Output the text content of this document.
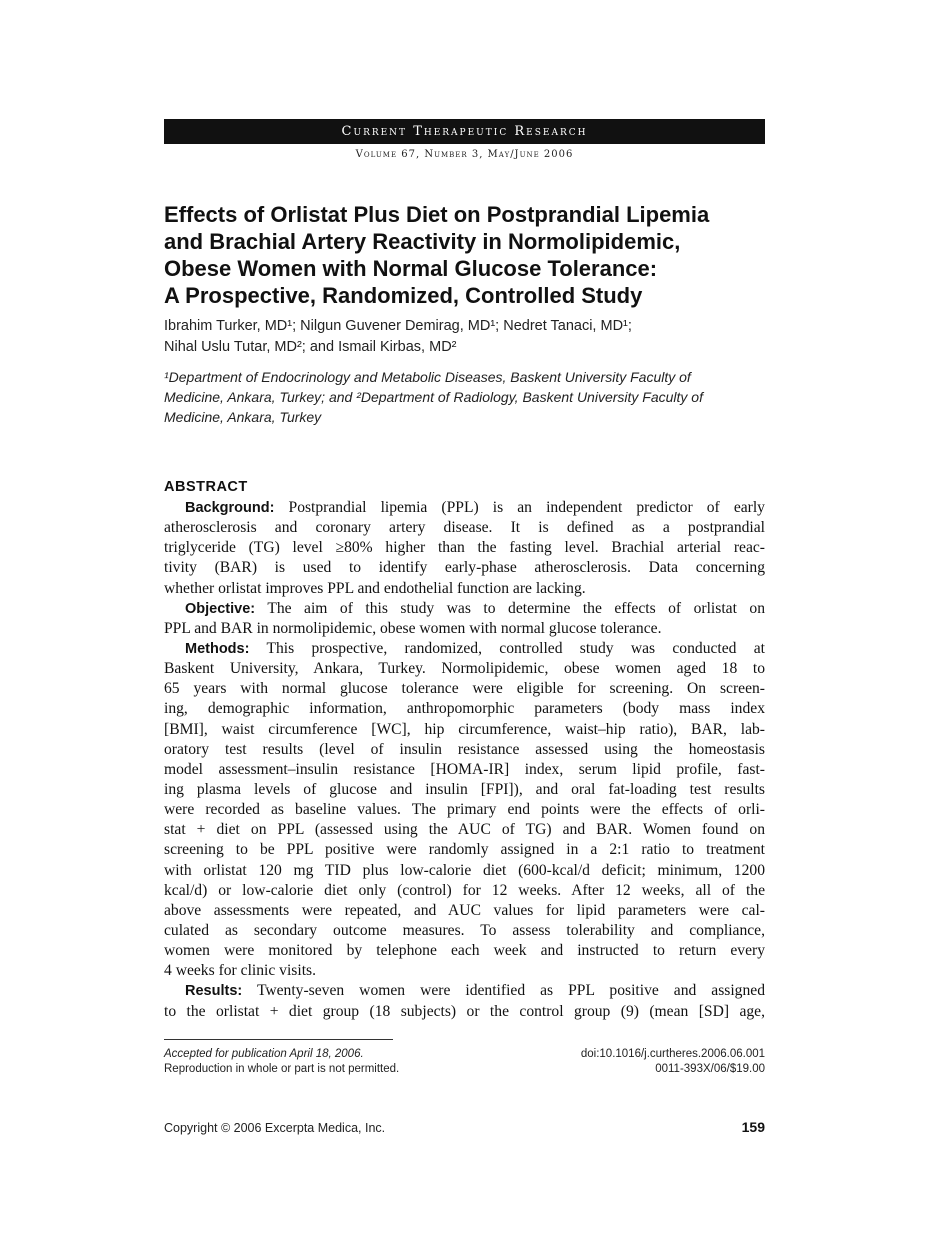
Current Therapeutic Research
Volume 67, Number 3, May/June 2006
Effects of Orlistat Plus Diet on Postprandial Lipemia
and Brachial Artery Reactivity in Normolipidemic,
Obese Women with Normal Glucose Tolerance:
A Prospective, Randomized, Controlled Study
Ibrahim Turker, MD¹; Nilgun Guvener Demirag, MD¹; Nedret Tanaci, MD¹;
Nihal Uslu Tutar, MD²; and Ismail Kirbas, MD²
¹Department of Endocrinology and Metabolic Diseases, Baskent University Faculty of
Medicine, Ankara, Turkey; and ²Department of Radiology, Baskent University Faculty of
Medicine, Ankara, Turkey
ABSTRACT
Background: Postprandial lipemia (PPL) is an independent predictor of early
atherosclerosis and coronary artery disease. It is defined as a postprandial
triglyceride (TG) level ≥80% higher than the fasting level. Brachial arterial reac-
tivity (BAR) is used to identify early-phase atherosclerosis. Data concerning
whether orlistat improves PPL and endothelial function are lacking.
Objective: The aim of this study was to determine the effects of orlistat on
PPL and BAR in normolipidemic, obese women with normal glucose tolerance.
Methods: This prospective, randomized, controlled study was conducted at
Baskent University, Ankara, Turkey. Normolipidemic, obese women aged 18 to
65 years with normal glucose tolerance were eligible for screening. On screen-
ing, demographic information, anthropomorphic parameters (body mass index
[BMI], waist circumference [WC], hip circumference, waist–hip ratio), BAR, lab-
oratory test results (level of insulin resistance assessed using the homeostasis
model assessment–insulin resistance [HOMA-IR] index, serum lipid profile, fast-
ing plasma levels of glucose and insulin [FPI]), and oral fat-loading test results
were recorded as baseline values. The primary end points were the effects of orli-
stat + diet on PPL (assessed using the AUC of TG) and BAR. Women found on
screening to be PPL positive were randomly assigned in a 2:1 ratio to treatment
with orlistat 120 mg TID plus low-calorie diet (600-kcal/d deficit; minimum, 1200
kcal/d) or low-calorie diet only (control) for 12 weeks. After 12 weeks, all of the
above assessments were repeated, and AUC values for lipid parameters were cal-
culated as secondary outcome measures. To assess tolerability and compliance,
women were monitored by telephone each week and instructed to return every
4 weeks for clinic visits.
Results: Twenty-seven women were identified as PPL positive and assigned
to the orlistat + diet group (18 subjects) or the control group (9) (mean [SD] age,
Accepted for publication April 18, 2006.	doi:10.1016/j.curtheres.2006.06.001
Reproduction in whole or part is not permitted.	0011-393X/06/$19.00
Copyright © 2006 Excerpta Medica, Inc.	159
